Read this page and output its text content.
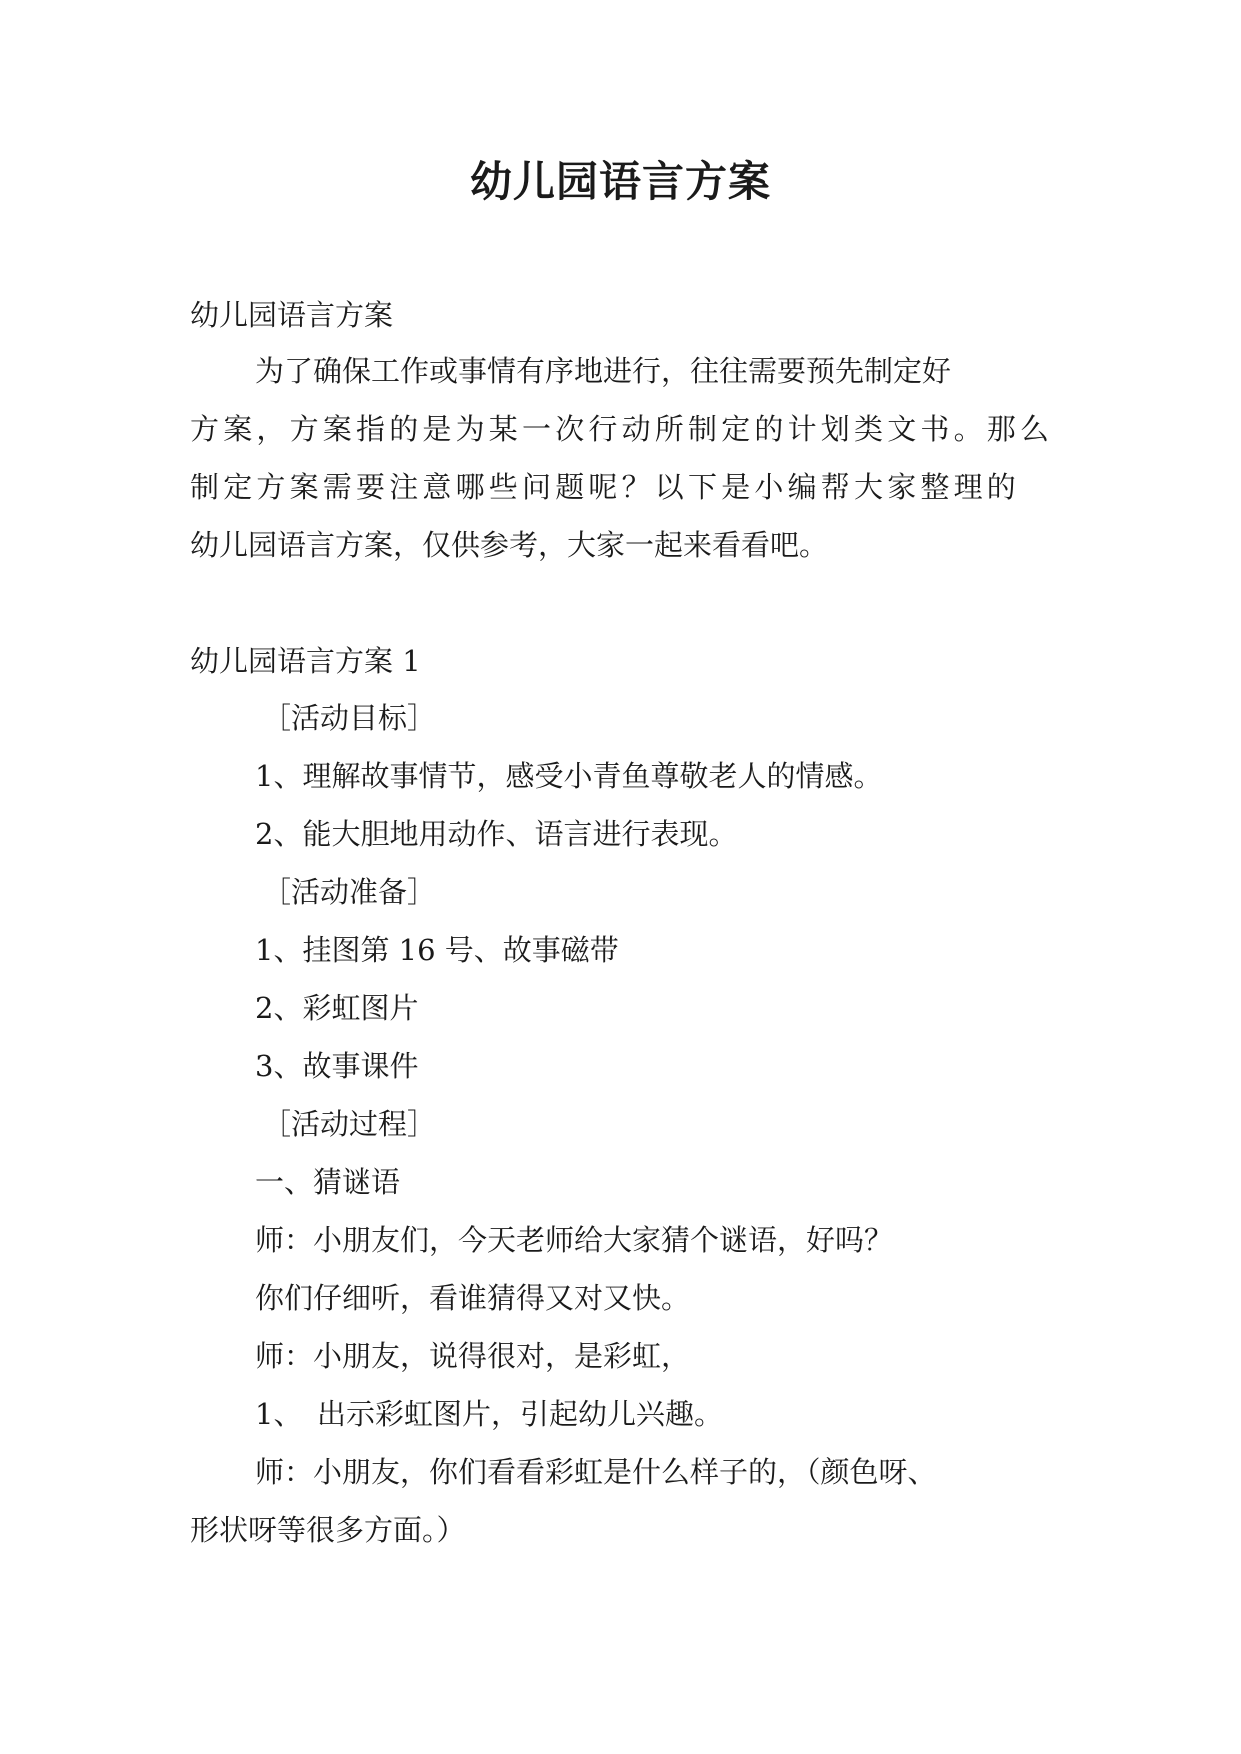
幼儿园语言方案

幼儿园语言方案

为了确保工作或事情有序地进行，往往需要预先制定好

方案，方案指的是为某一次行动所制定的计划类文书。那么

制定方案需要注意哪些问题呢？以下是小编帮大家整理的

幼儿园语言方案，仅供参考，大家一起来看看吧。

幼儿园语言方案 1

［活动目标］

1、理解故事情节，感受小青鱼尊敬老人的情感。

2、能大胆地用动作、语言进行表现。

［活动准备］

1、挂图第 16 号、故事磁带

2、彩虹图片

3、故事课件

［活动过程］

一、猜谜语

师：小朋友们，今天老师给大家猜个谜语，好吗？

你们仔细听，看谁猜得又对又快。

师：小朋友，说得很对，是彩虹，

1、　出示彩虹图片，引起幼儿兴趣。

师：小朋友，你们看看彩虹是什么样子的，（颜色呀、

形状呀等很多方面。）
